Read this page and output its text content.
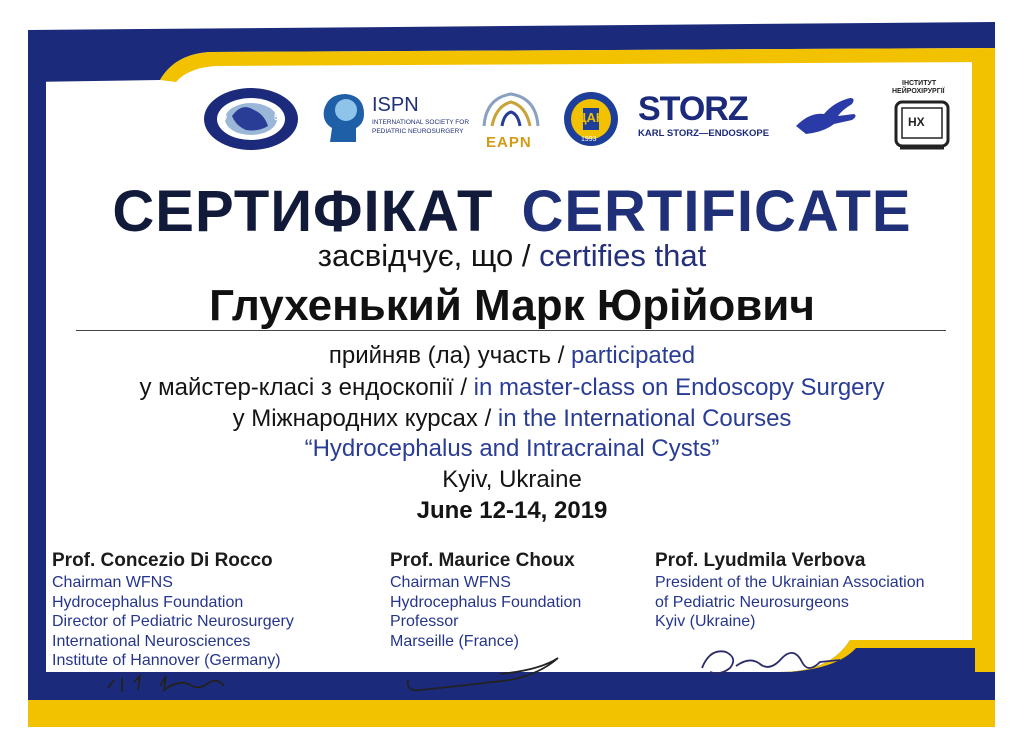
19	55
ISPN
INTERNATIONAL SOCIETY FOR
PEDIATRIC NEUROSURGERY
EAPN
ЦАН
1993
STORZ
KARL STORZ—ENDOSKOPE
ІНСТИТУТ
НЕЙРОХІРУРГІЇ
НХ
СЕРТИФІКАТ CERTIFICATE
засвідчує, що / certifies that
Глухенький Марк Юрійович
прийняв (ла) участь / participated
у майстер-класі з ендоскопії / in master-class on Endoscopy Surgery
у Міжнародних курсах / in the International Courses
“Hydrocephalus and Intracrainal Cysts”
Kyiv, Ukraine
June 12-14, 2019
Prof. Concezio Di Rocco
Chairman WFNS
Hydrocephalus Foundation
Director of Pediatric Neurosurgery
International Neurosciences
Institute of Hannover (Germany)
Prof. Maurice Choux
Chairman WFNS
Hydrocephalus Foundation
Professor
Marseille (France)
Prof. Lyudmila Verbova
President of the Ukrainian Association
of Pediatric Neurosurgeons
Kyiv (Ukraine)
